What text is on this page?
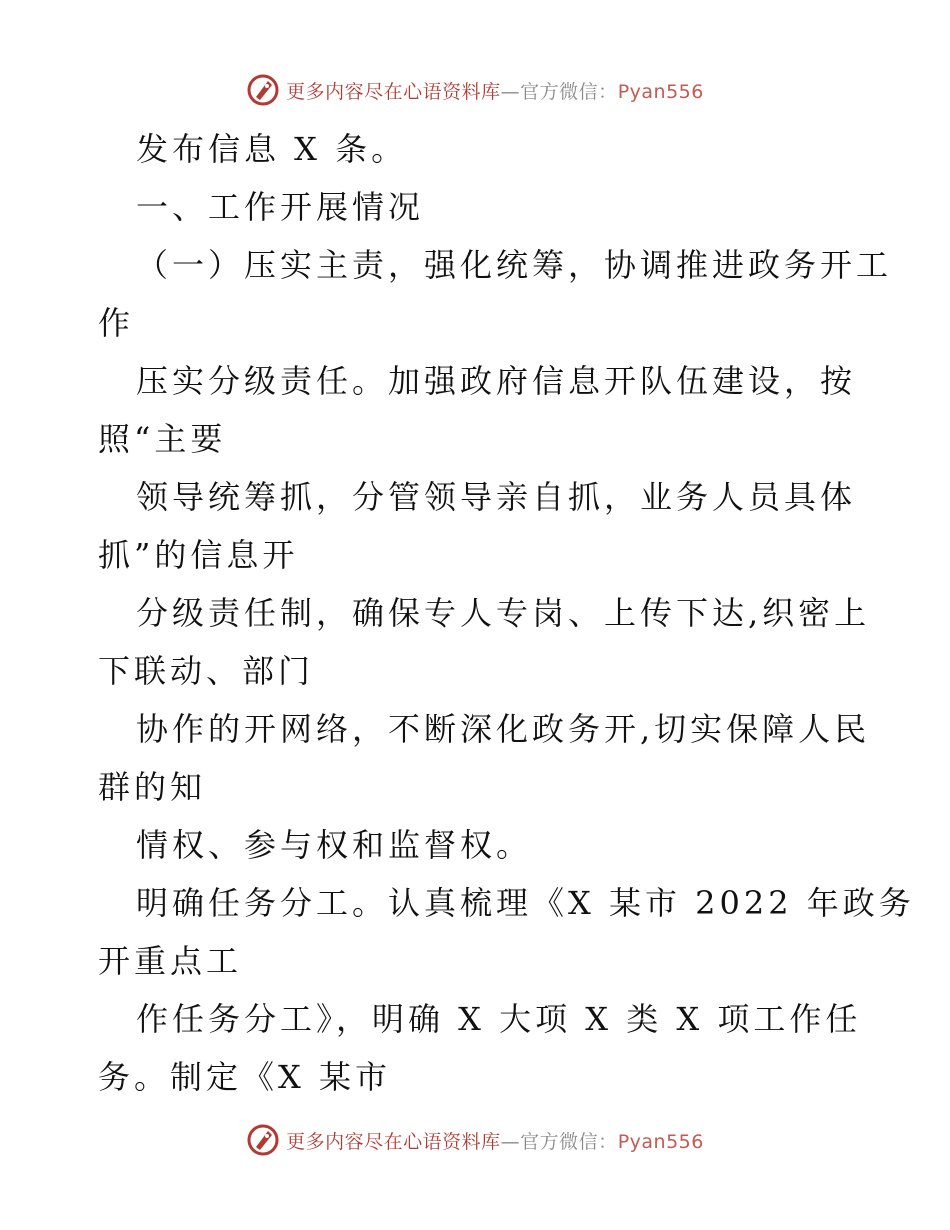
更多内容尽在心语资料库—官方微信：Pyan556
发布信息 X 条。
一、工作开展情况
（一）压实主责，强化统筹，协调推进政务开工
作
压实分级责任。加强政府信息开队伍建设，按
照“主要
领导统筹抓，分管领导亲自抓，业务人员具体
抓”的信息开
分级责任制，确保专人专岗、上传下达,织密上
下联动、部门
协作的开网络，不断深化政务开,切实保障人民
群的知
情权、参与权和监督权。
明确任务分工。认真梳理《X 某市 2022 年政务
开重点工
作任务分工》，明确 X 大项 X 类 X 项工作任
务。制定《X 某市
更多内容尽在心语资料库—官方微信：Pyan556
